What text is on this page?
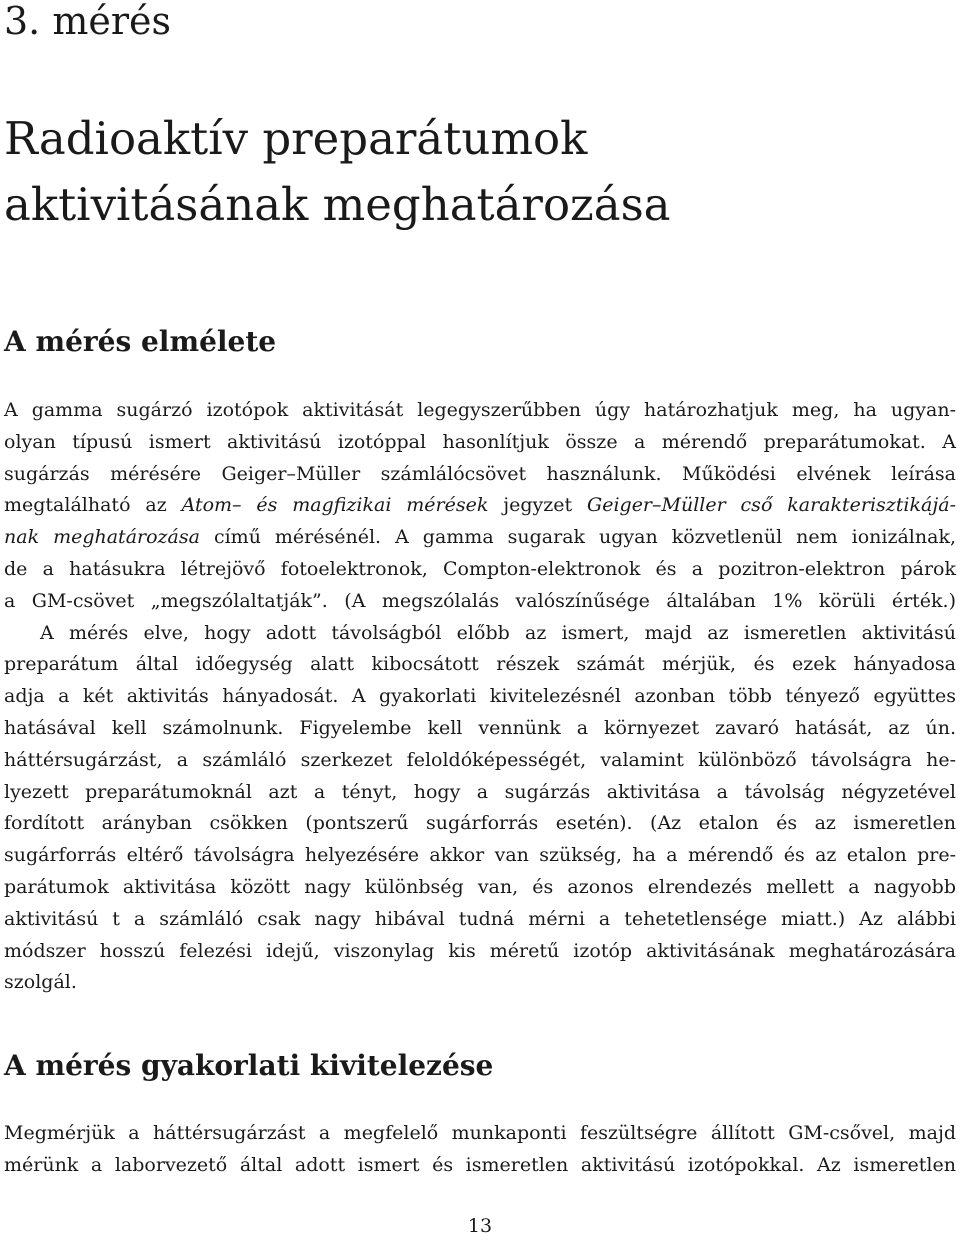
3. mérés
Radioaktív preparátumok
aktivitásának meghatározása
A mérés elmélete
A gamma sugárzó izotópok aktivitását legegyszerűbben úgy határozhatjuk meg, ha ugyan-
olyan típusú ismert aktivitású izotóppal hasonlítjuk össze a mérendő preparátumokat. A
sugárzás mérésére Geiger–Müller számlálócsövet használunk. Működési elvének leírása
megtalálható az Atom– és magfizikai mérések jegyzet Geiger–Müller cső karakterisztikájá-
nak meghatározása című mérésénél. A gamma sugarak ugyan közvetlenül nem ionizálnak,
de a hatásukra létrejövő fotoelektronok, Compton-elektronok és a pozitron-elektron párok
a GM-csövet „megszólaltatják”. (A megszólalás valószínűsége általában 1% körüli érték.)
A mérés elve, hogy adott távolságból előbb az ismert, majd az ismeretlen aktivitású
preparátum által időegység alatt kibocsátott részek számát mérjük, és ezek hányadosa
adja a két aktivitás hányadosát. A gyakorlati kivitelezésnél azonban több tényező együttes
hatásával kell számolnunk. Figyelembe kell vennünk a környezet zavaró hatását, az ún.
háttérsugárzást, a számláló szerkezet feloldóképességét, valamint különböző távolságra he-
lyezett preparátumoknál azt a tényt, hogy a sugárzás aktivitása a távolság négyzetével
fordított arányban csökken (pontszerű sugárforrás esetén). (Az etalon és az ismeretlen
sugárforrás eltérő távolságra helyezésére akkor van szükség, ha a mérendő és az etalon pre-
parátumok aktivitása között nagy különbség van, és azonos elrendezés mellett a nagyobb
aktivitású t a számláló csak nagy hibával tudná mérni a tehetetlensége miatt.) Az alábbi
módszer hosszú felezési idejű, viszonylag kis méretű izotóp aktivitásának meghatározására
szolgál.
A mérés gyakorlati kivitelezése
Megmérjük a háttérsugárzást a megfelelő munkaponti feszültségre állított GM-csővel, majd
mérünk a laborvezető által adott ismert és ismeretlen aktivitású izotópokkal. Az ismeretlen
13
